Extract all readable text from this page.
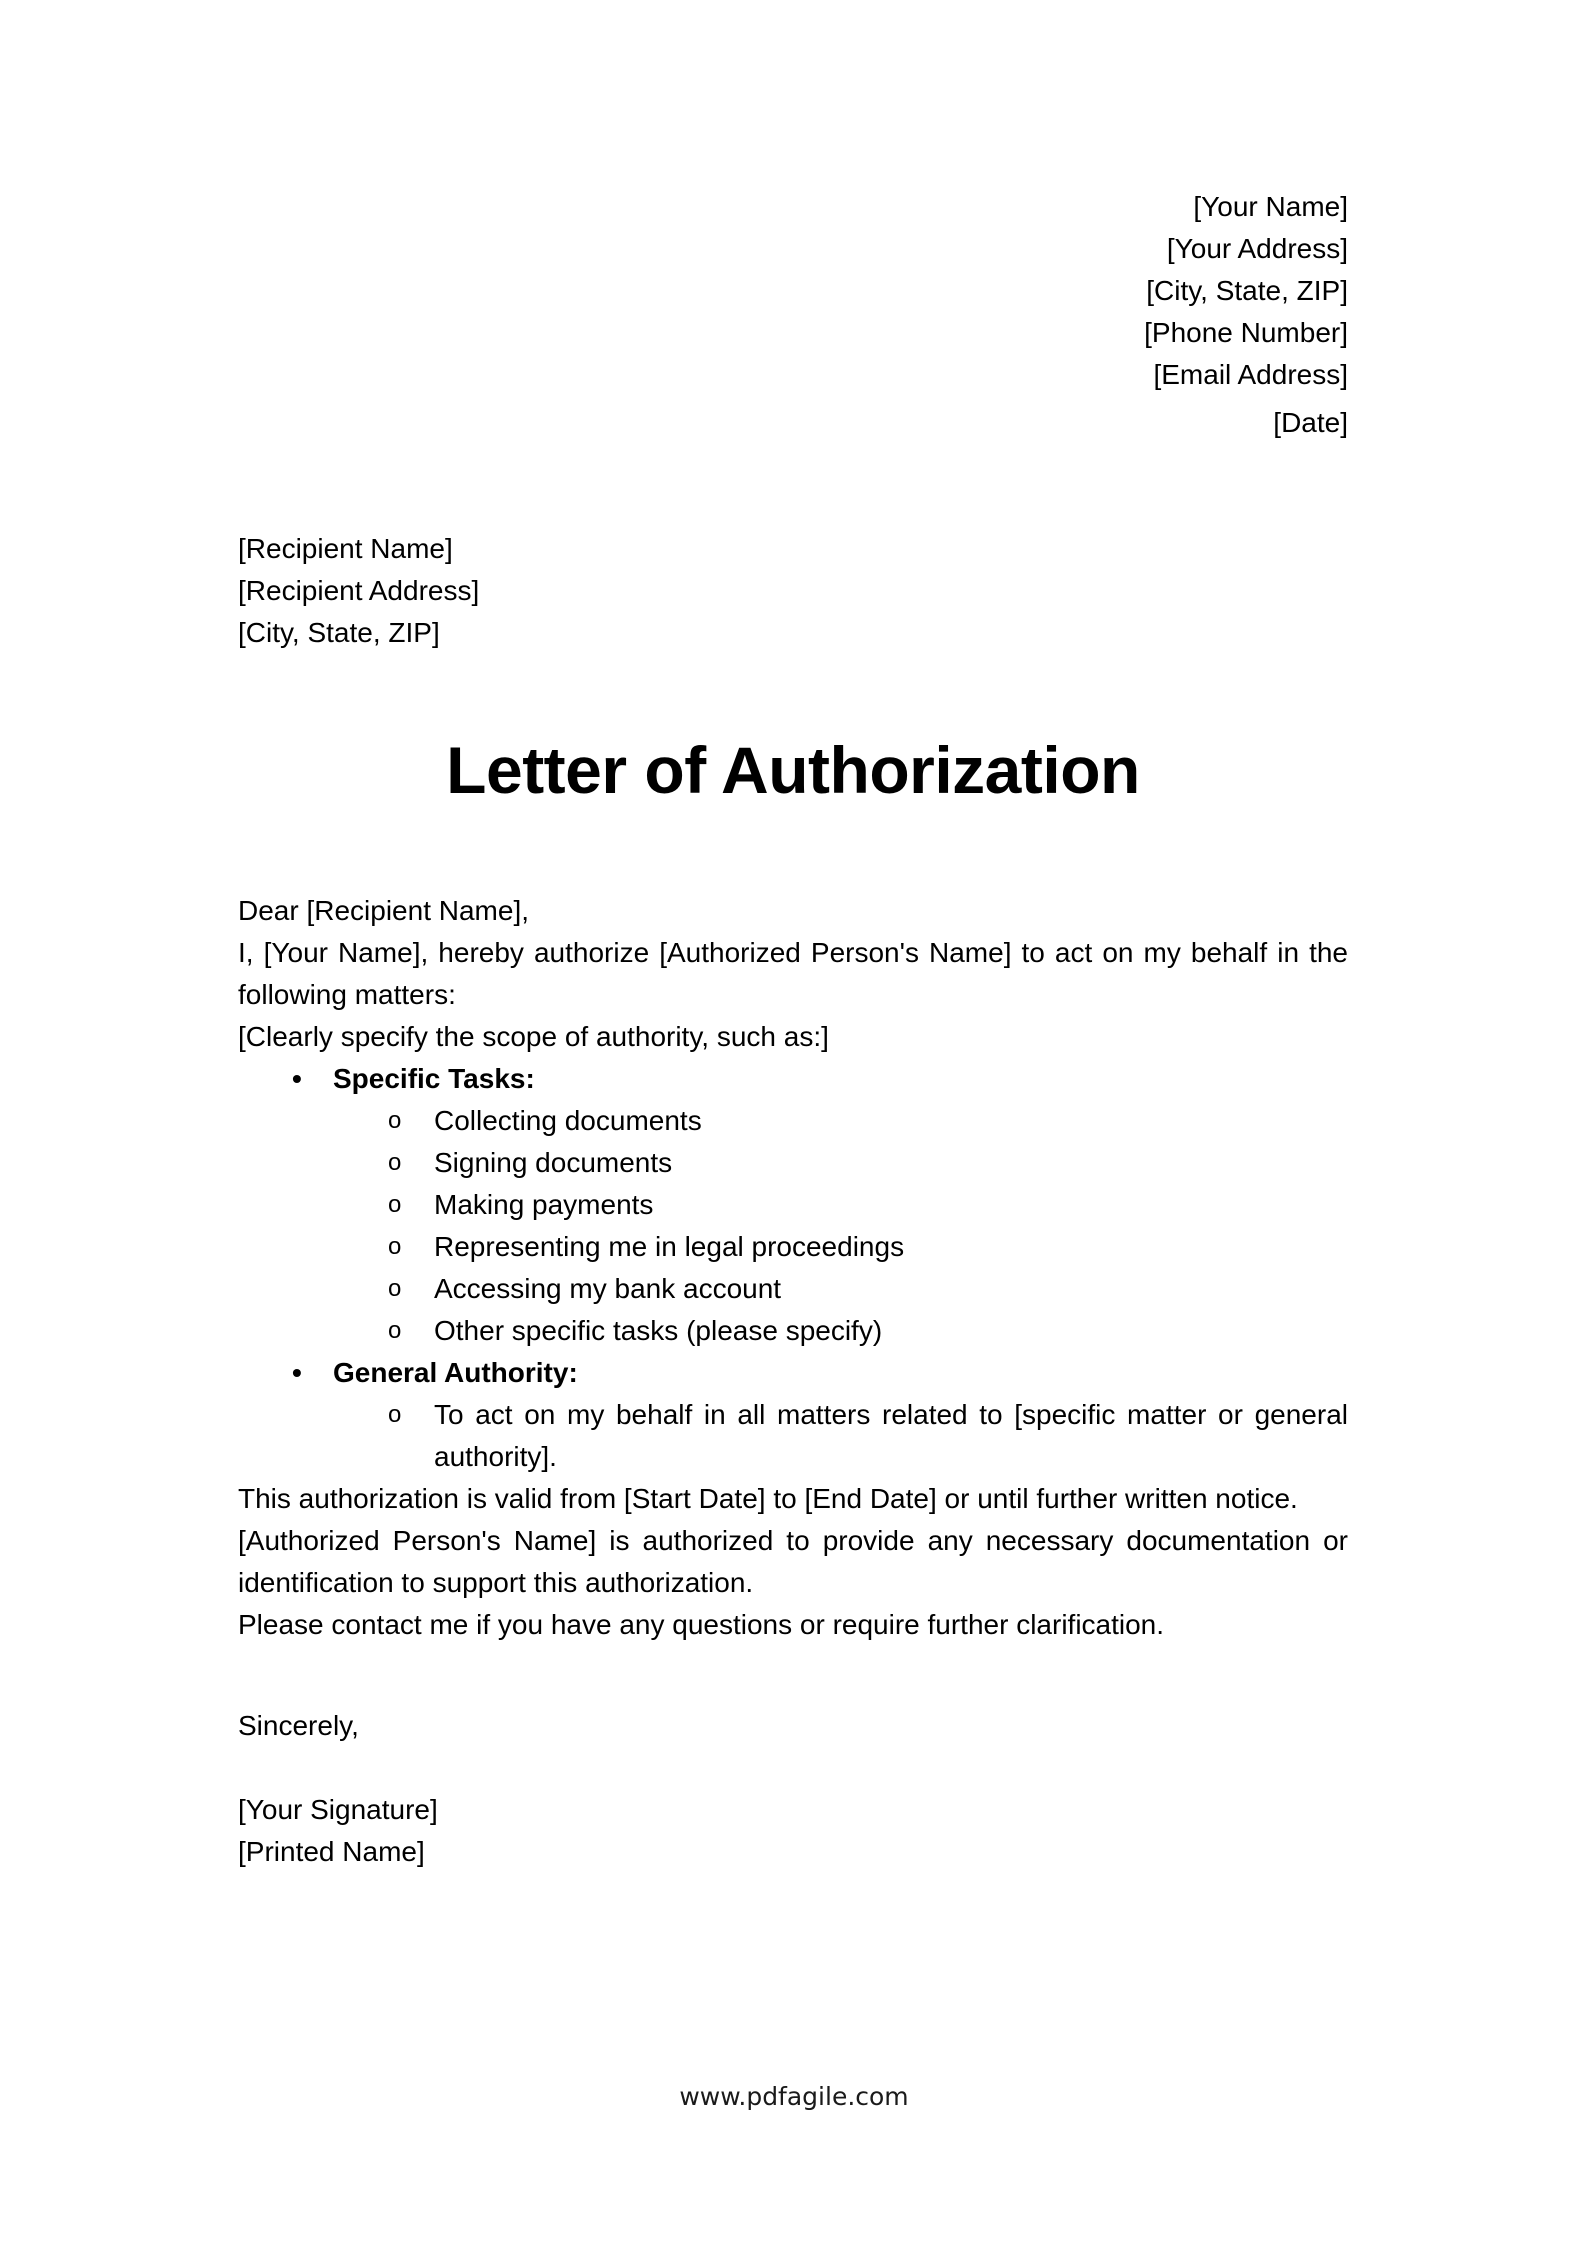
[Your Name]
[Your Address]
[City, State, ZIP]
[Phone Number]
[Email Address]
[Date]
[Recipient Name]
[Recipient Address]
[City, State, ZIP]
Letter of Authorization

Dear [Recipient Name],

I, [Your Name], hereby authorize [Authorized Person's Name] to act on my behalf in the following matters:

[Clearly specify the scope of authority, such as:]

• Specific Tasks:
o Collecting documents
o Signing documents
o Making payments
o Representing me in legal proceedings
o Accessing my bank account
o Other specific tasks (please specify)
• General Authority:
o To act on my behalf in all matters related to [specific matter or general authority].

This authorization is valid from [Start Date] to [End Date] or until further written notice.

[Authorized Person's Name] is authorized to provide any necessary documentation or identification to support this authorization.

Please contact me if you have any questions or require further clarification.

Sincerely,
[Your Signature]
[Printed Name]
www.pdfagile.com
